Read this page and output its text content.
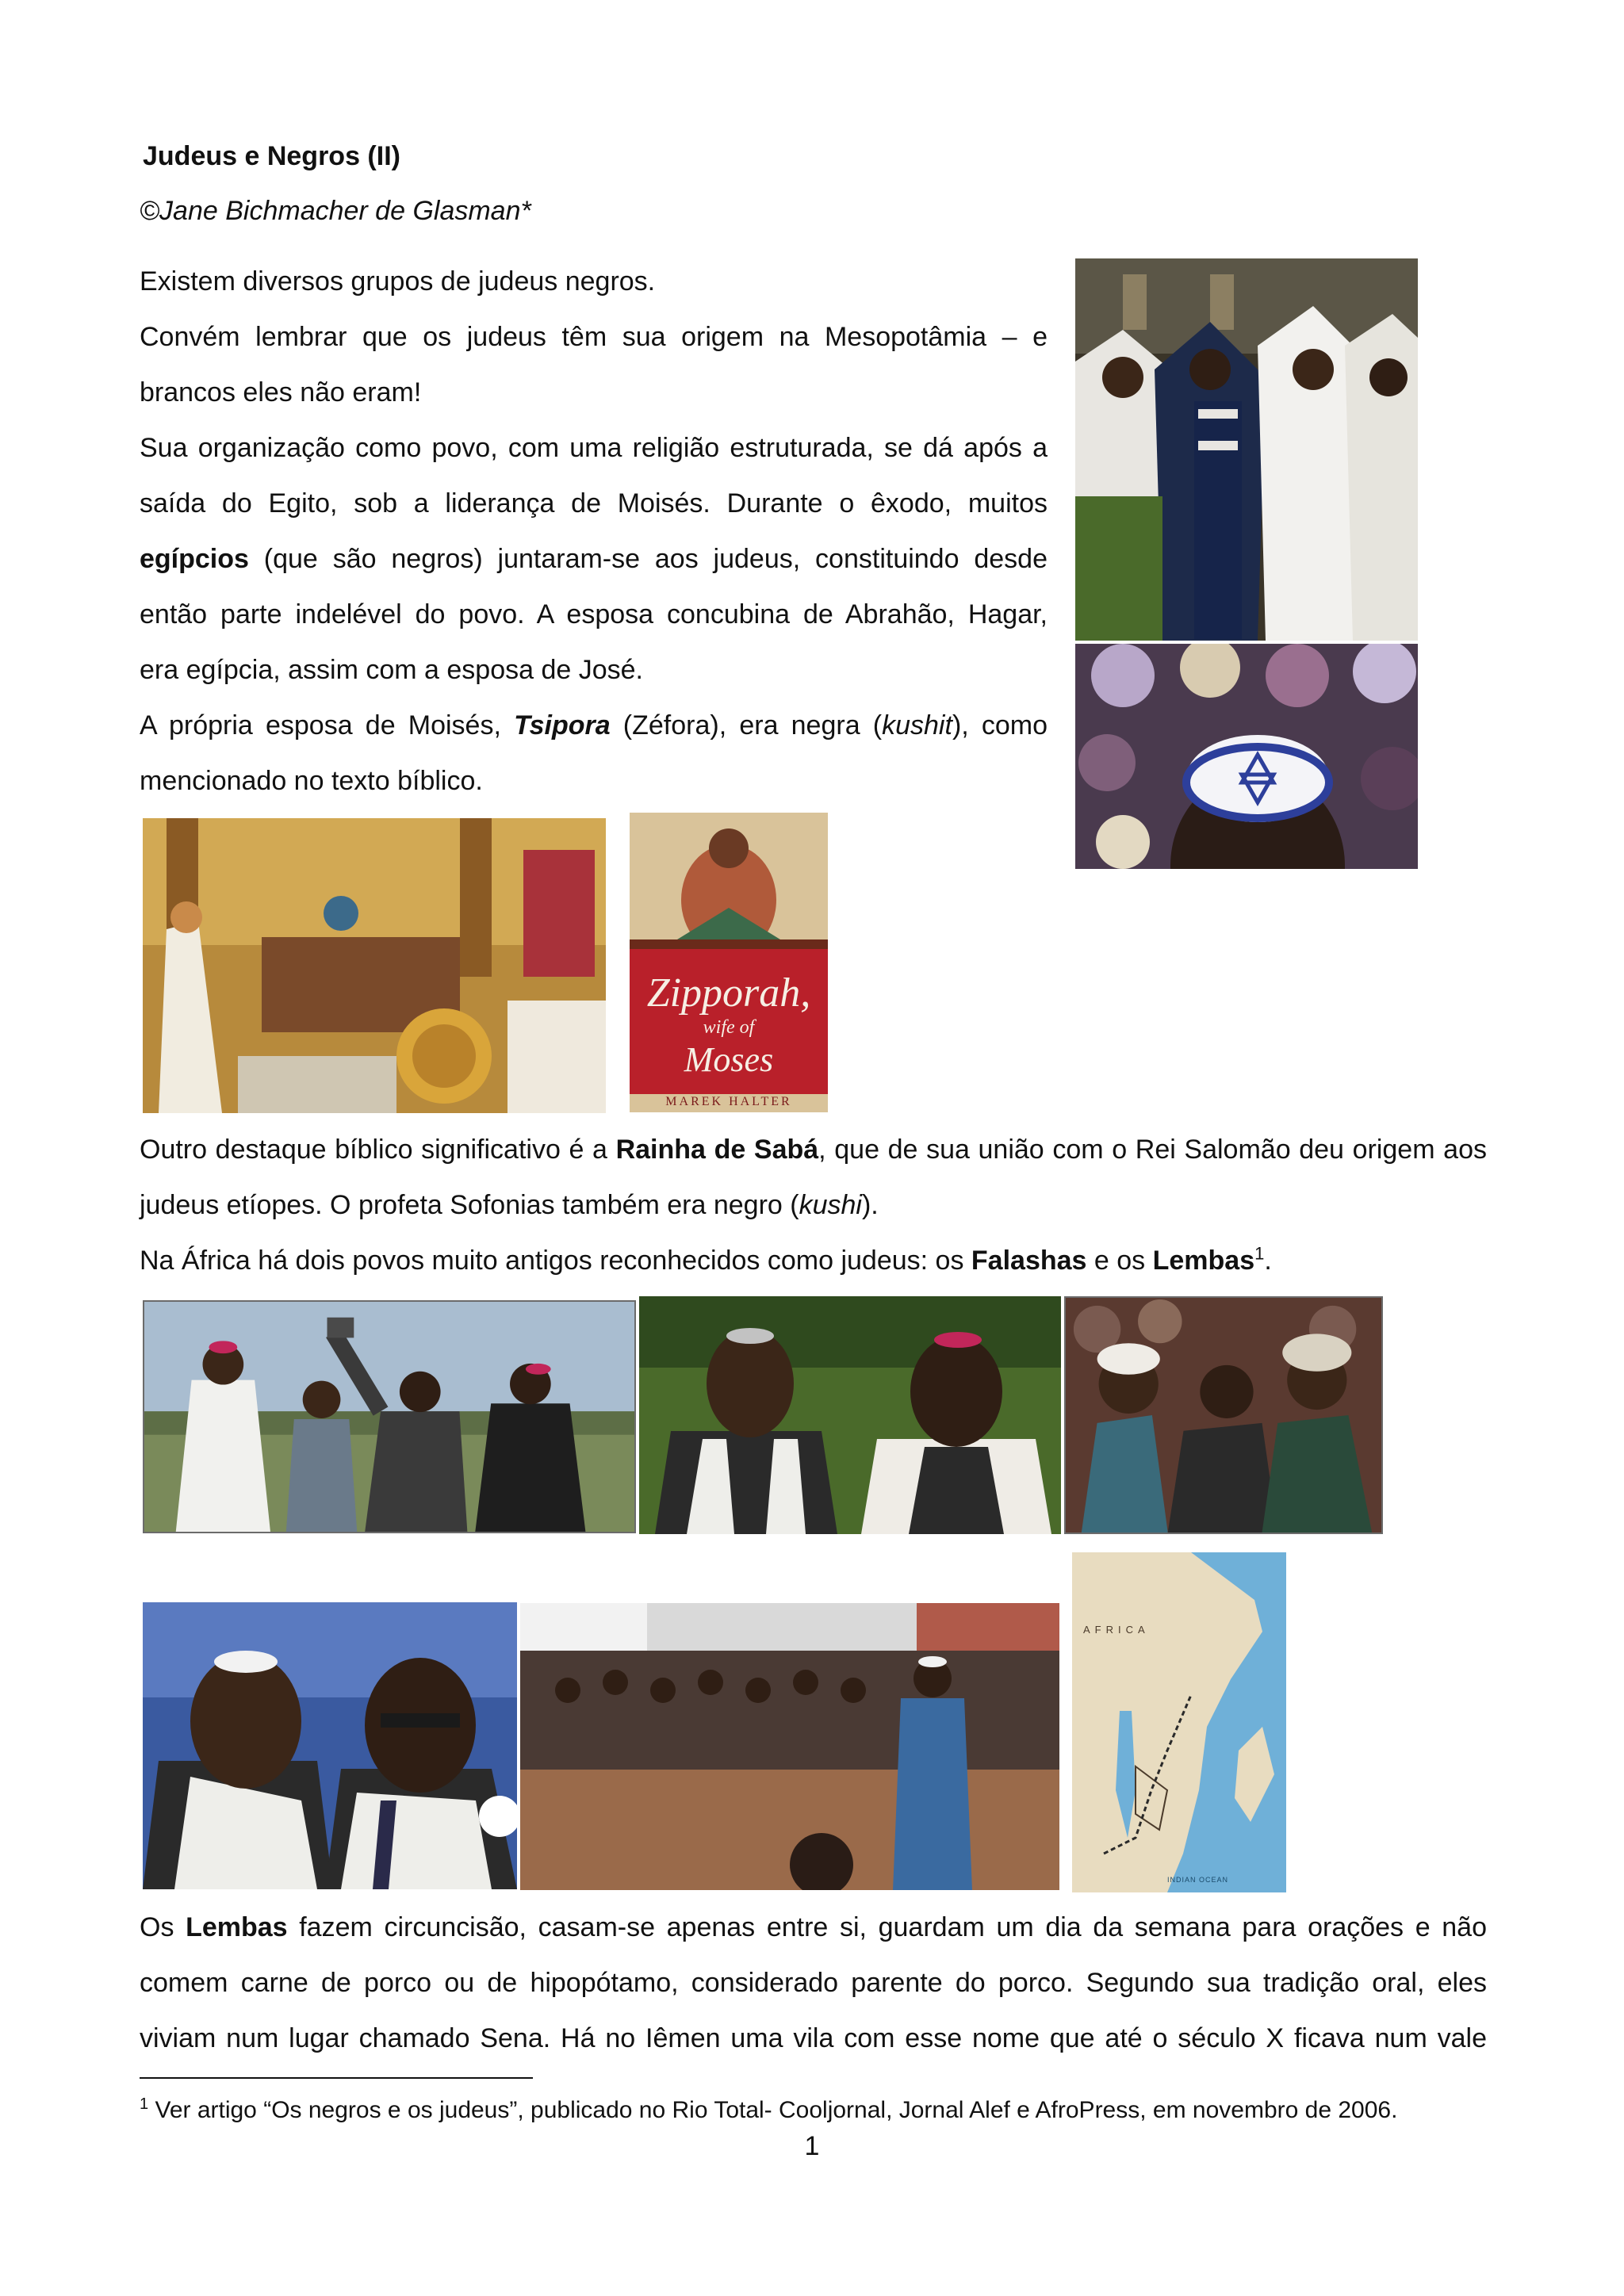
Judeus e Negros (II)
©Jane Bichmacher de Glasman*
Existem diversos grupos de judeus negros.
Convém lembrar que os judeus têm sua origem na Mesopotâmia – e
brancos eles não eram!
Sua organização como povo, com uma religião estruturada, se dá após a
saída do Egito, sob a liderança de Moisés. Durante o êxodo, muitos
egípcios (que são negros) juntaram-se aos judeus, constituindo desde
então parte indelével do povo. A esposa concubina de Abrahão, Hagar,
era egípcia, assim com a esposa de José.
A própria esposa de Moisés, Tsipora (Zéfora), era negra (kushit), como
mencionado no texto bíblico.
Zipporah,
wife of
Moses
MAREK HALTER
Outro destaque bíblico significativo é a Rainha de Sabá, que de sua união com o Rei Salomão deu origem aos
judeus etíopes. O profeta Sofonias também era negro (kushi).
Na África há dois povos muito antigos reconhecidos como judeus: os Falashas e os Lembas$^1$.
AFRICA
INDIAN OCEAN
Os Lembas fazem circuncisão, casam-se apenas entre si, guardam um dia da semana para orações e não
comem carne de porco ou de hipopótamo, considerado parente do porco. Segundo sua tradição oral, eles
viviam num lugar chamado Sena. Há no Iêmen uma vila com esse nome que até o século X ficava num vale
$^1$ Ver artigo “Os negros e os judeus”, publicado no Rio Total- Cooljornal, Jornal Alef e AfroPress, em novembro de 2006.
1
